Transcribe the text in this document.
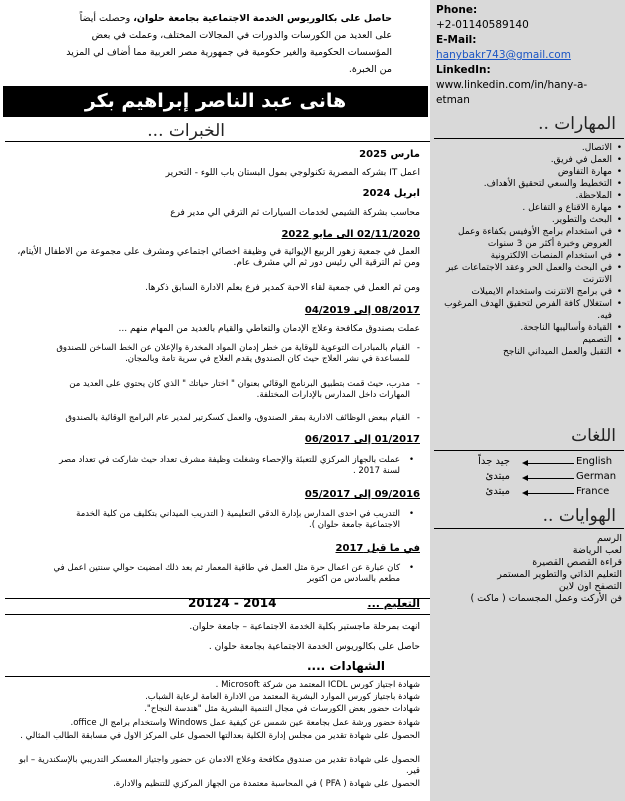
Phone:
+2-01140589140
E-Mail:
hanybakr743@gmail.com
LinkedIn:
www.linkedin.com/in/hany-a-
etman
المهارات ..
• الاتصال.
• العمل في فريق.
• مهارة التفاوض
• التخطيط والسعي لتحقيق الأهداف.
• الملاحظة.
• مهارة الاقناع و التفاعل .
• البحث والتطوير.
• في استخدام برامج الأوفيس بكفاءة وعمل العروض وخبرة أكثر من 3 سنوات
• في استخدام المنصات الالكترونية
• في البحث والعمل الحر وعقد الاجتماعات عبر الانترنت
• في برامج الانترنت واستخدام الايميلات
• استغلال كافة الفرص لتحقيق الهدف المرغوب فيه.
• القيادة وأساليبها الناجحة.
• التصميم
• التقبل والعمل الميداني الناجح
اللغات
English
جيد جداً
German
مبتدئ
France
مبتدئ
الهوايات ..
الرسم
لعب الرياضة
قراءة القصص القصيرة
التعليم الذاتي والتطوير المستمر
التصفح اون لاين
فن الأركت وعمل المجسمات ( ماكت )
حاصل على بكالوريوس الخدمة الاجتماعية بجامعة حلوان، وحصلت أيضاً على العديد من الكورسات والدورات في المجالات المختلف، وعملت في بعض المؤسسات الحكومية والغير حكومية في جمهورية مصر العربية مما أضاف لي المزيد من الخبرة.
هانى عبد الناصر إبراهيم بكر
الخبرات ...
مارس 2025
اعمل IT بشركه المصرية تكنولوجي بمول البستان باب اللوء - التحرير
ابريل 2024
محاسب بشركة الشيمي لخدمات السيارات ثم الترقي الي مدير فرع
02/11/2020 الى مايو 2022
العمل في جمعية زهور الربيع الإيوائية في وظيفة اخصائي اجتماعي ومشرف على مجموعة من الاطفال الأيتام، ومن ثم الترقية الي رئيس دور ثم الي مشرف عام.
ومن ثم العمل في جمعية لقاء الاحبة كمدير فرع بعلم الادارة السابق ذكرها.
08/2017 إلى 04/2019
عملت بصندوق مكافحة وعلاج الإدمان والتعاطي والقيام بالعديد من المهام منهم ...
- القيام بالمبادرات التوعوية للوقاية من خطر إدمان المواد المخدرة والإعلان عن الخط الساخن للصندوق للمساعدة في نشر العلاج حيث كان الصندوق يقدم العلاج في سرية تامة وبالمجان.
- مدرب، حيث قمت بتطبيق البرنامج الوقائي بعنوان " اختار حياتك " الذي كان يحتوي على العديد من المهارات داخل المدارس بالإدارات المختلفة.
- القيام ببعض الوظائف الادارية بمقر الصندوق، والعمل كسكرتير لمدير عام البرامج الوقائية بالصندوق
01/2017 إلى 06/2017
• عملت بالجهاز المركزي للتعبئة والإحصاء وشغلت وظيفة مشرف تعداد حيث شاركت في تعداد مصر لسنة 2017 .
09/2016 إلى 05/2017
• التدريب في احدى المدارس بإدارة الدقي التعليمية ( التدريب الميداني بتكليف من كلية الخدمة الاجتماعية جامعة حلوان ).
في ما قبل 2017
• كان عبارة عن اعمال حرة مثل العمل في طاقية المعمار ثم بعد ذلك امضيت حوالي سنتين اعمل في مطعم بالسادس من اكتوبر
التعليم ...
20124 - 2014
انهت بمرحلة ماجستير بكلية الخدمة الاجتماعية – جامعة حلوان.
حاصل على بكالوريوس الخدمة الاجتماعية بجامعة حلوان .
الشهادات ....
شهادة اجتياز كورس ICDL المعتمد من شركة Microsoft .
شهادة باجتياز كورس الموارد البشرية المعتمد من الادارة العامة لرعاية الشباب.
شهادات حضور بعض الكورسات في مجال التنمية البشرية مثل "هندسة النجاح".
شهادة حضور ورشة عمل بجامعة عين شمس عن كيفية عمل Windows واستخدام برامج ال office.
الحصول على شهادة تقدير من مجلس إدارة الكلية بعدالتها الحصول على المركز الاول في مسابقة الطالب المثالي .
الحصول على شهادة تقدير من صندوق مكافحة وعلاج الادمان عن حضور واجتياز المعسكر التدريبي بالإسكندرية – ابو قير.
الحصول على شهادة ( PFA ) في المحاسبة معتمدة من الجهاز المركزي للتنظيم والادارة.
